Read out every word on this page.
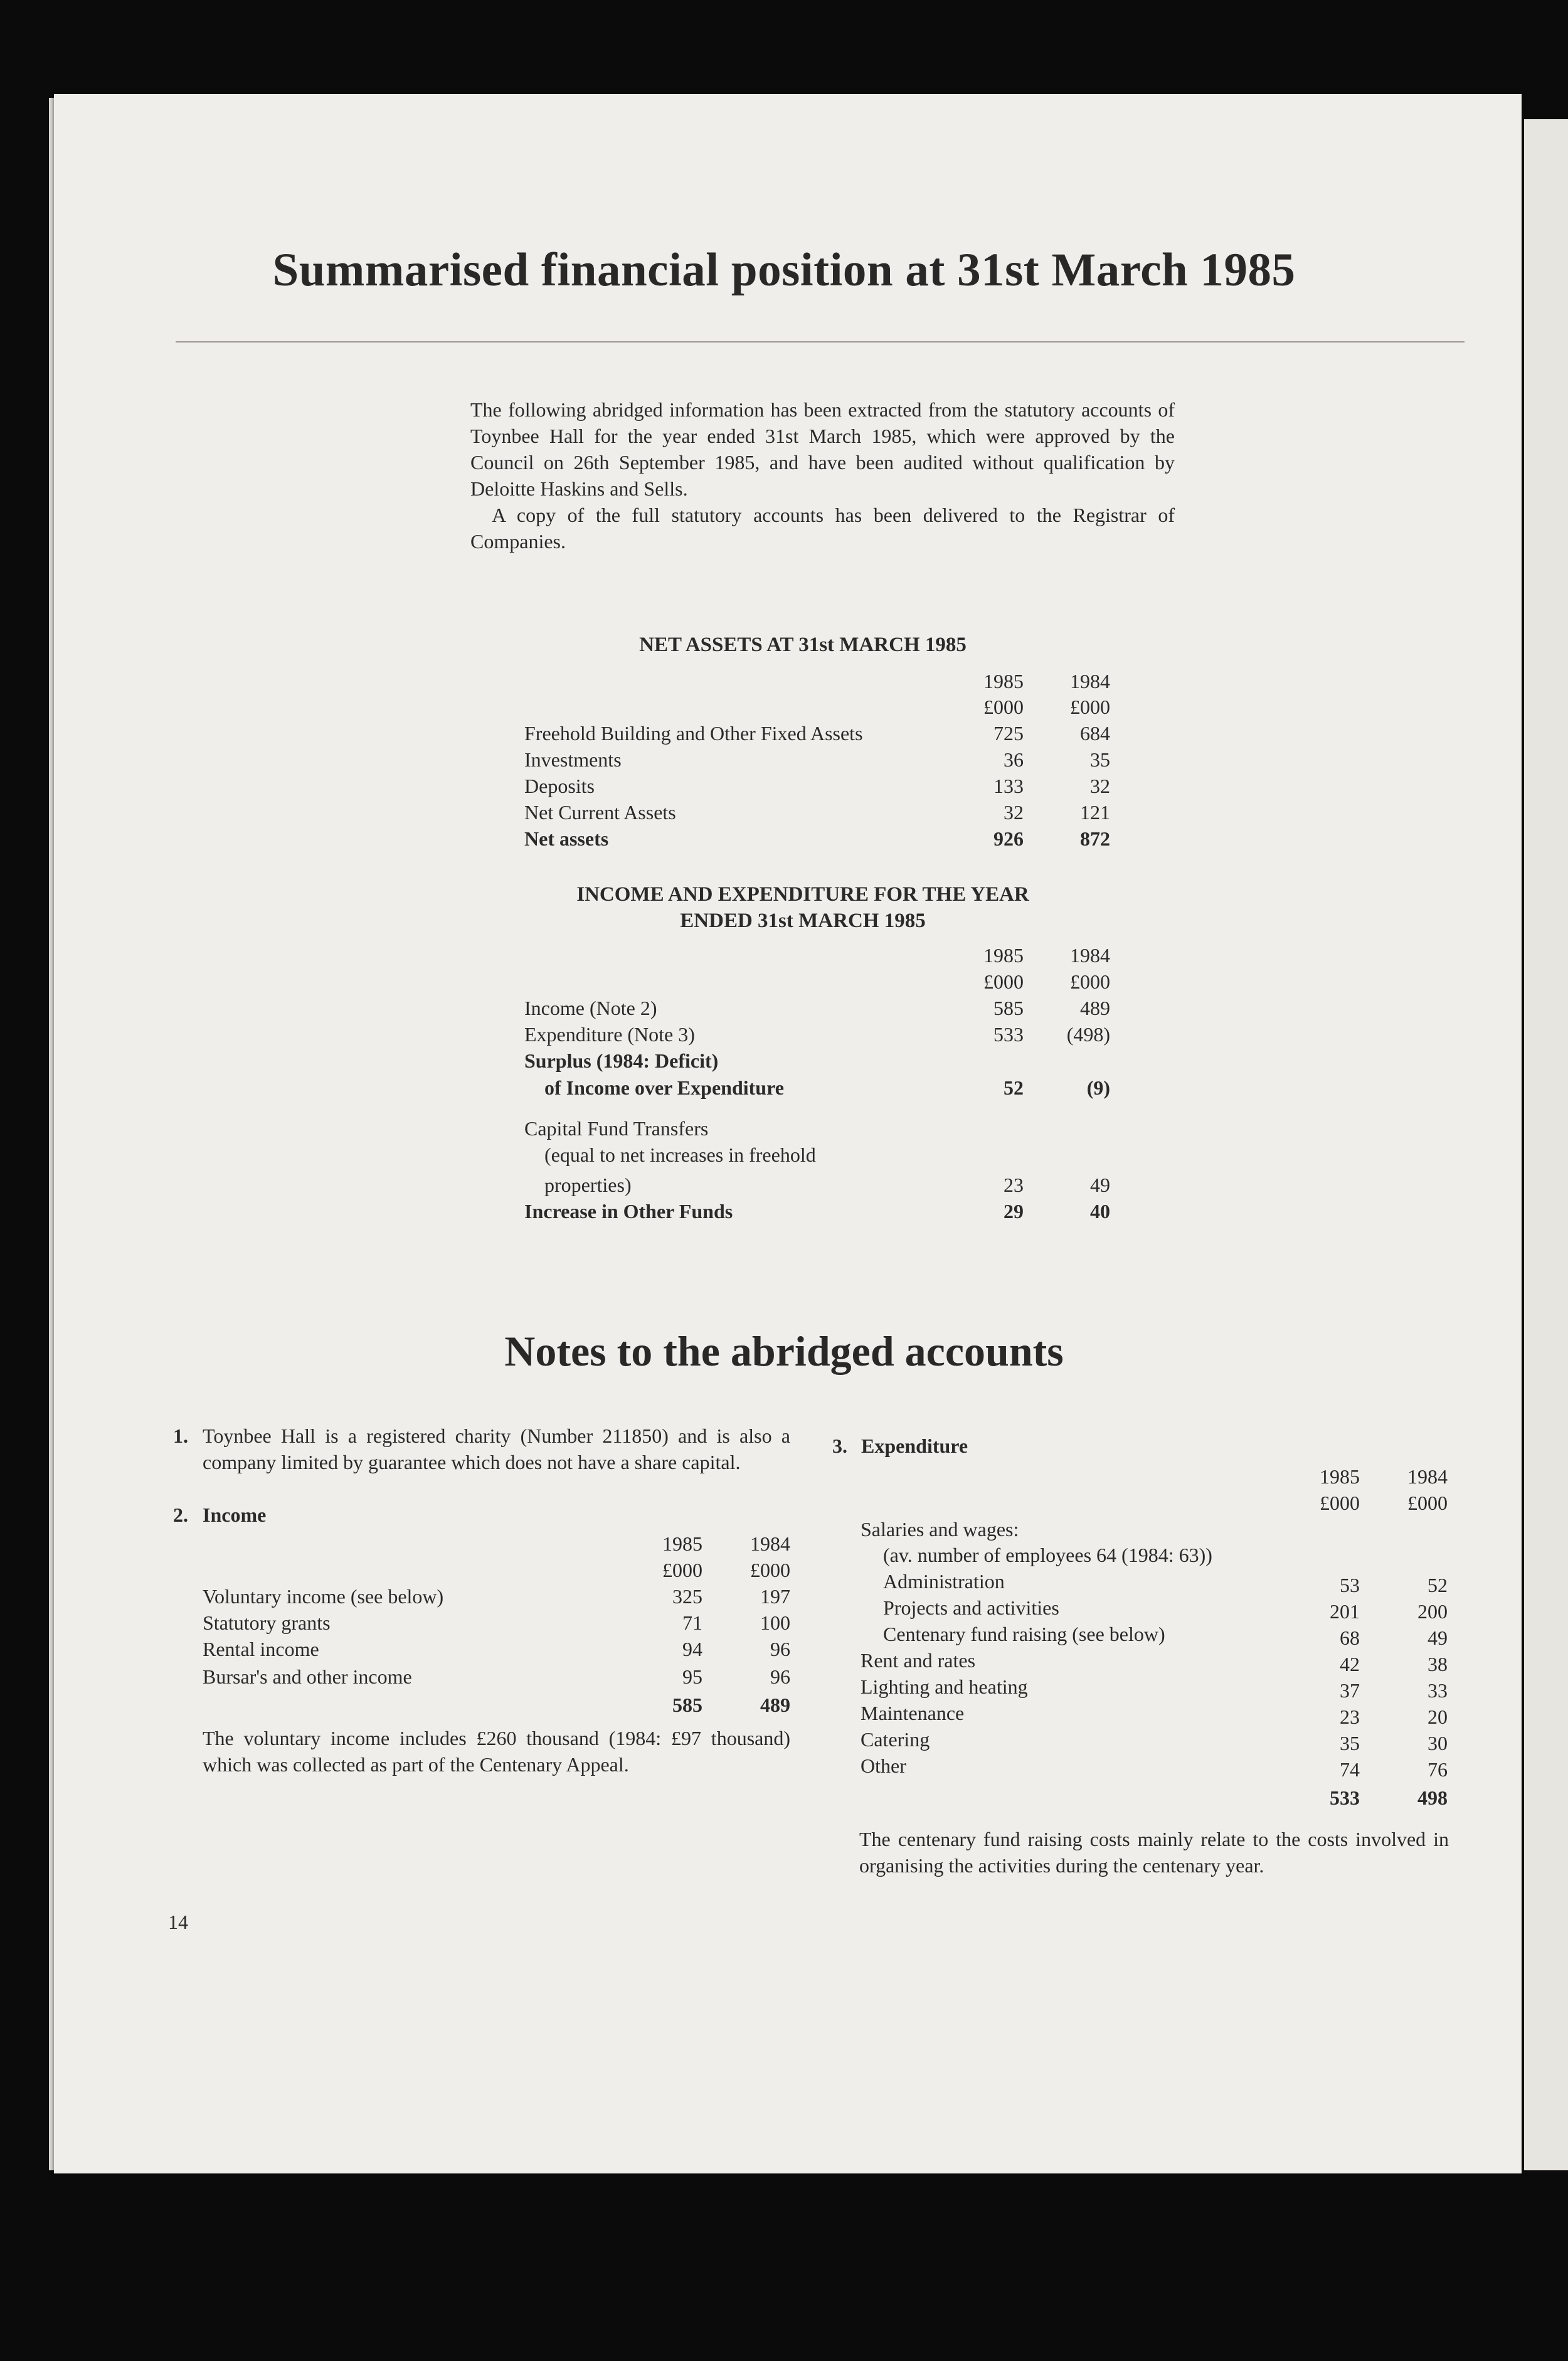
Summarised financial position at 31st March 1985

The following abridged information has been extracted from the statutory accounts of Toynbee Hall for the year ended 31st March 1985, which were approved by the Council on 26th September 1985, and have been audited without qualification by Deloitte Haskins and Sells.

A copy of the full statutory accounts has been delivered to the Registrar of Companies.

NET ASSETS AT 31st MARCH 1985
1985	1984
£000	£000
Freehold Building and Other Fixed Assets	725	684
Investments	36	35
Deposits	133	32
Net Current Assets	32	121
Net assets	926	872
INCOME AND EXPENDITURE FOR THE YEAR
ENDED 31st MARCH 1985
1985	1984
£000	£000
Income (Note 2)	585	489
Expenditure (Note 3)	533	(498)
Surplus (1984: Deficit)
of Income over Expenditure	52	(9)
Capital Fund Transfers
(equal to net increases in freehold
properties)	23	49
Increase in Other Funds	29	40
Notes to the abridged accounts
1. Toynbee Hall is a registered charity (Number 211850) and is also a company limited by guarantee which does not have a share capital.
2. Income
1985	1984
£000	£000
Voluntary income (see below)	325	197
Statutory grants	71	100
Rental income	94	96
Bursar's and other income	95	96
585	489
The voluntary income includes £260 thousand (1984: £97 thousand) which was collected as part of the Centenary Appeal.
3. Expenditure
1985	1984
£000	£000
Salaries and wages:
(av. number of employees 64 (1984: 63))
Administration	53	52
Projects and activities	201	200
Centenary fund raising (see below)	68	49
Rent and rates	42	38
Lighting and heating	37	33
Maintenance	23	20
Catering	35	30
Other	74	76
533	498
The centenary fund raising costs mainly relate to the costs involved in organising the activities during the centenary year.
14
